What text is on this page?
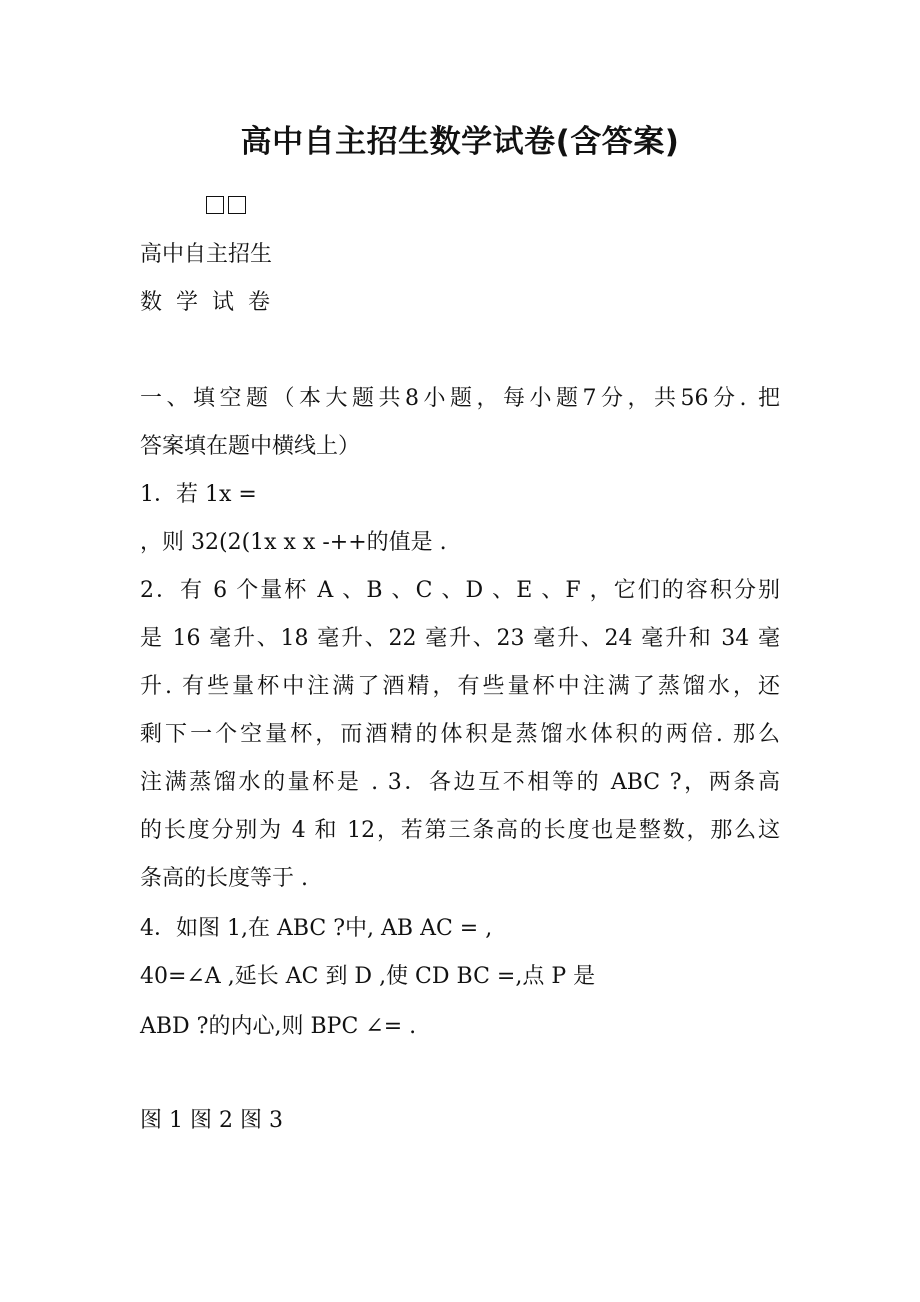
高中自主招生数学试卷(含答案)
高中自主招生
数学试卷
一、填空题（本大题共8小题，每小题7分，共56分. 把
答案填在题中横线上）
1．若 1x =
，则 32(2(1x x x -++的值是 .
2．有 6 个量杯 A 、B 、C 、D 、E 、F ，它们的容积分别
是 16 毫升、18 毫升、22 毫升、23 毫升、24 毫升和 34 毫
升. 有些量杯中注满了酒精，有些量杯中注满了蒸馏水，还
剩下一个空量杯，而酒精的体积是蒸馏水体积的两倍. 那么
注满蒸馏水的量杯是 . 3．各边互不相等的 ABC ?，两条高
的长度分别为 4 和 12，若第三条高的长度也是整数，那么这
条高的长度等于 .
4．如图 1,在 ABC ?中, AB AC = ,
40=∠A ,延长 AC 到 D ,使 CD BC =,点 P 是
ABD ?的内心,则 BPC ∠= .
图 1 图 2 图 3
